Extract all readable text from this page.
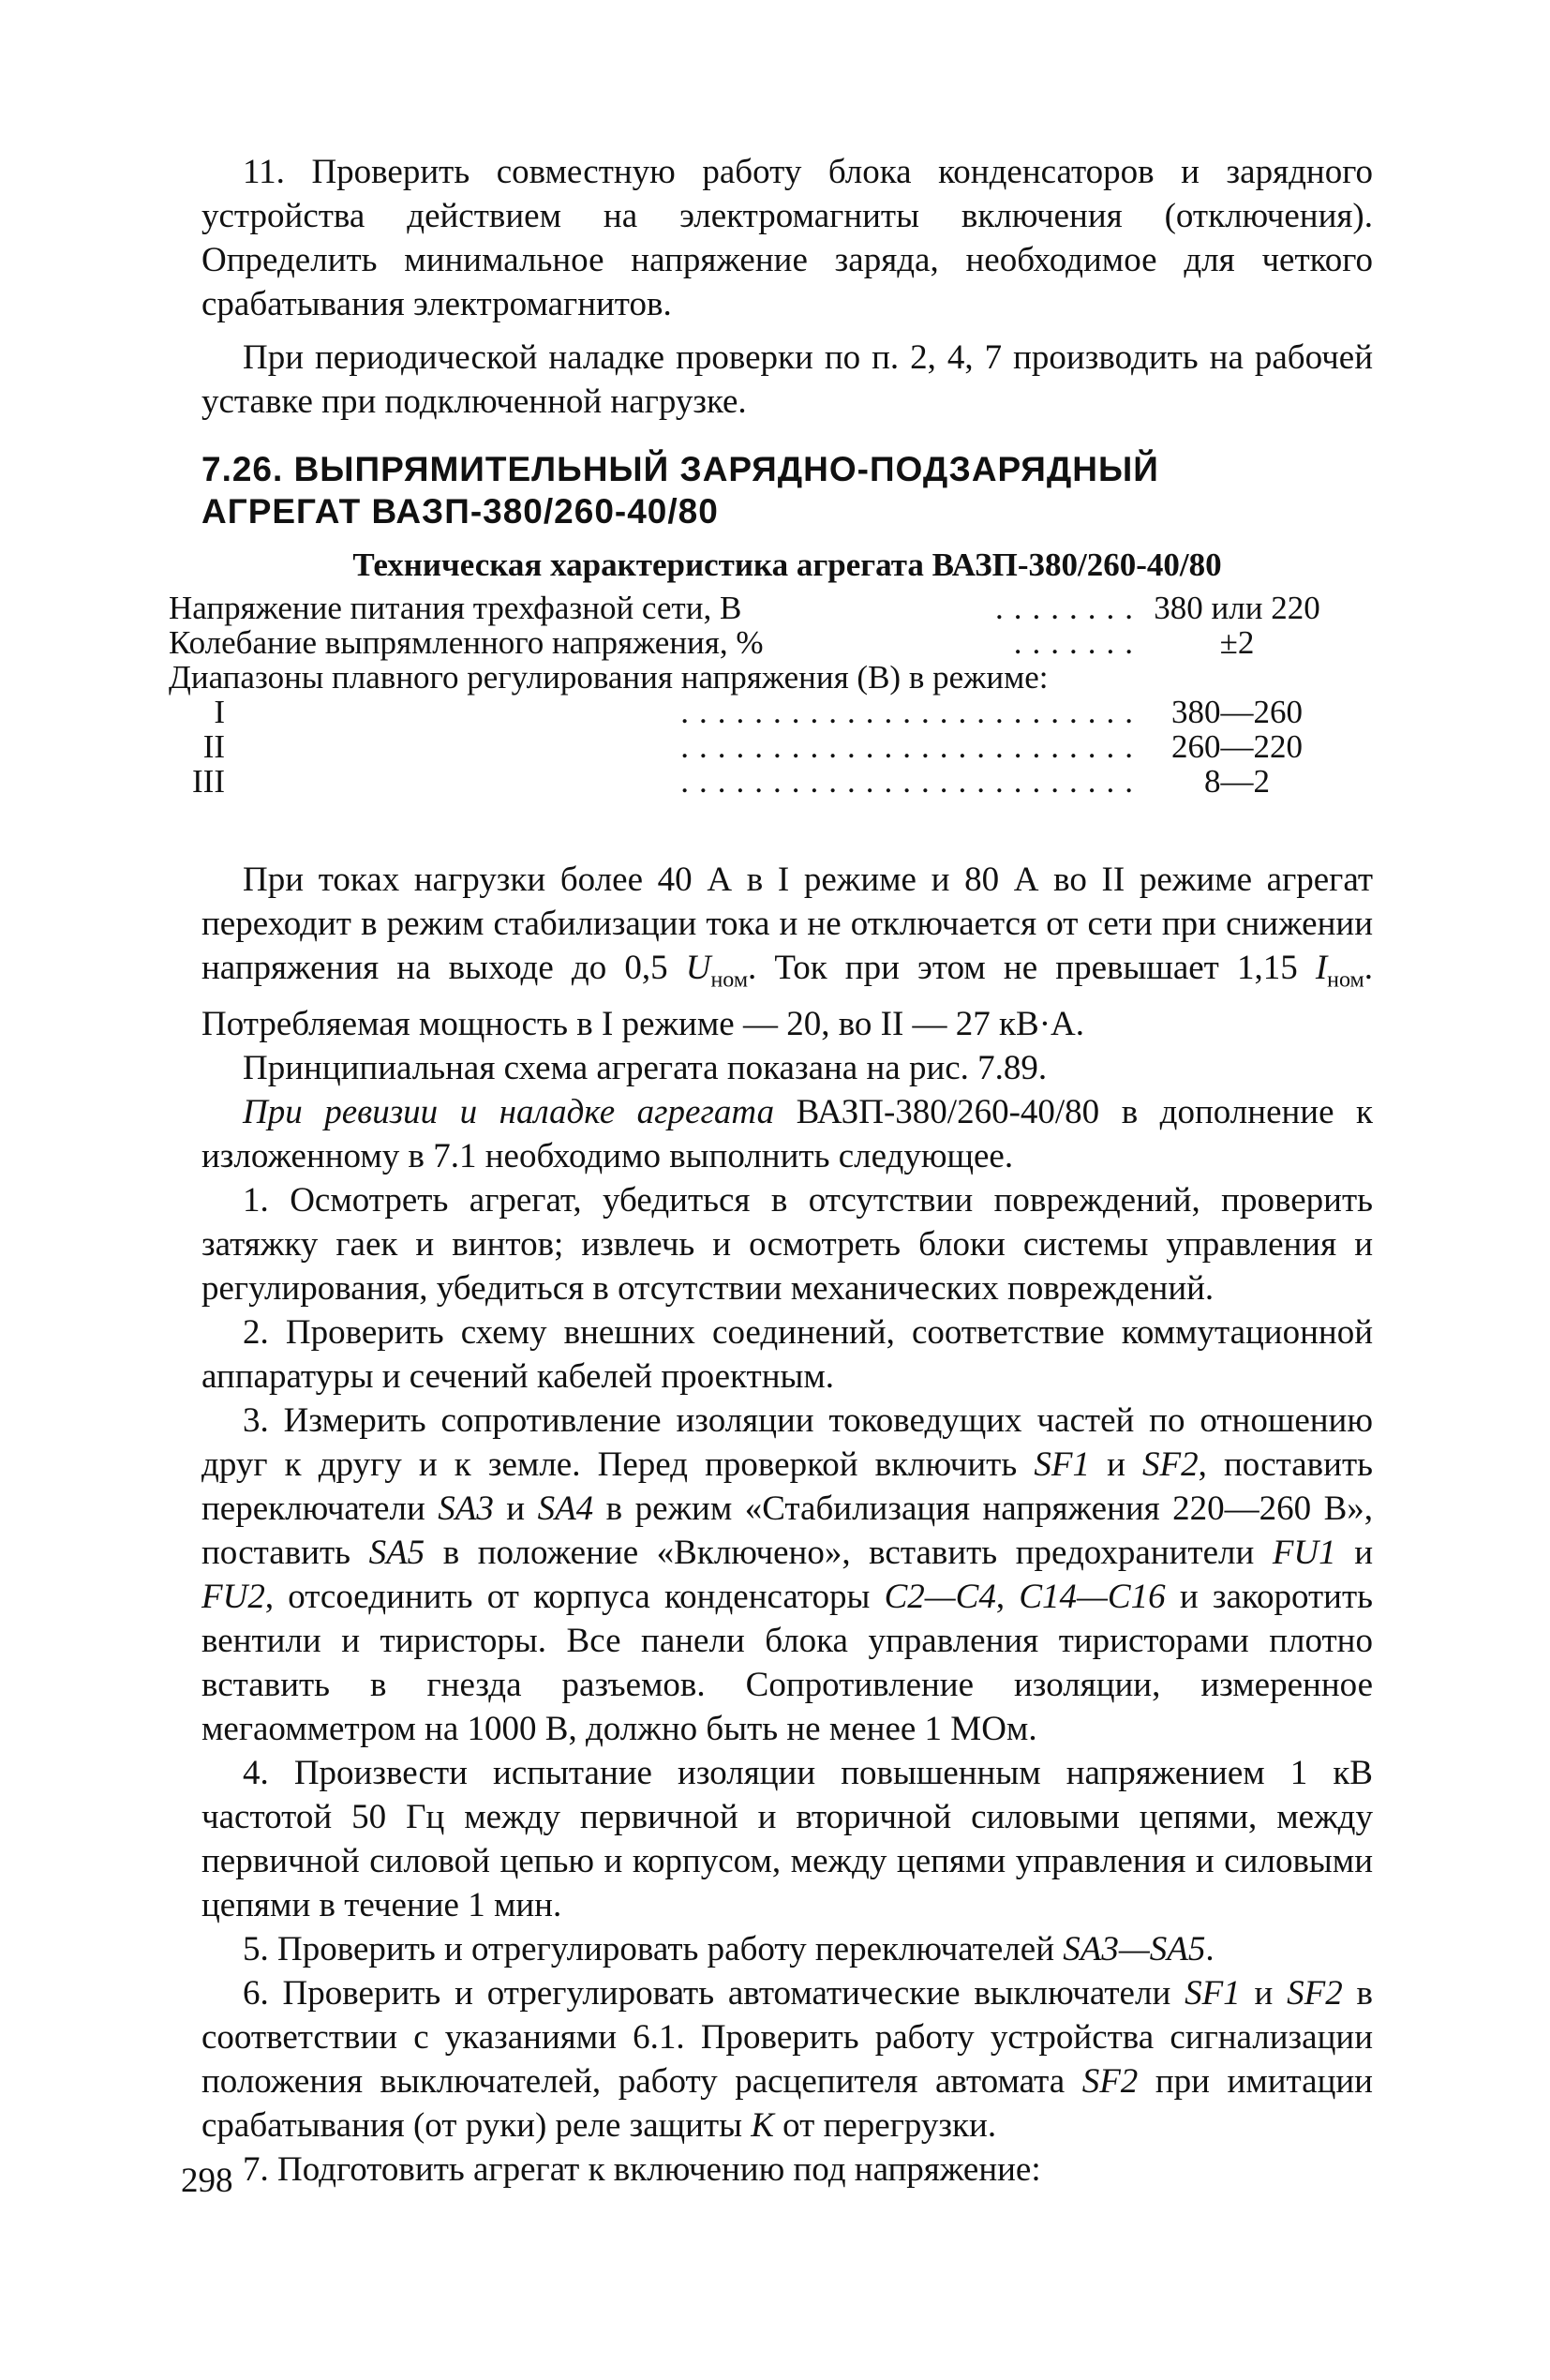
11. Проверить совместную работу блока конденсаторов и зарядного устройства действием на электромагниты включения (отключения). Определить минимальное напряжение заряда, необходимое для четкого срабатывания электромагнитов.

При периодической наладке проверки по п. 2, 4, 7 производить на рабочей уставке при подключенной нагрузке.

7.26. ВЫПРЯМИТЕЛЬНЫЙ ЗАРЯДНО-ПОДЗАРЯДНЫЙ
АГРЕГАТ ВАЗП-380/260-40/80
Техническая характеристика агрегата ВАЗП-380/260-40/80
Напряжение питания трехфазной сети, В	........ 380 или 220
Колебание выпрямленного напряжения, %	.......	±2
Диапазоны плавного регулирования напряжения (В) в режиме:
I	......................... 380—260
II	......................... 260—220
III	.........................	8—2

При токах нагрузки более 40 А в I режиме и 80 А во II режиме агрегат переходит в режим стабилизации тока и не отключается от сети при снижении напряжения на выходе до 0,5 $U_{ном}$. Ток при этом не превышает 1,15 $I_{ном}$. Потребляемая мощность в I режиме — 20, во II — 27 кВ·А.

Принципиальная схема агрегата показана на рис. 7.89.

При ревизии и наладке агрегата ВАЗП-380/260-40/80 в дополнение к изложенному в 7.1 необходимо выполнить следующее.

1. Осмотреть агрегат, убедиться в отсутствии повреждений, проверить затяжку гаек и винтов; извлечь и осмотреть блоки системы управления и регулирования, убедиться в отсутствии механических повреждений.

2. Проверить схему внешних соединений, соответствие коммутационной аппаратуры и сечений кабелей проектным.

3. Измерить сопротивление изоляции токоведущих частей по отношению друг к другу и к земле. Перед проверкой включить SF1 и SF2, поставить переключатели SA3 и SA4 в режим «Стабилизация напряжения 220—260 В», поставить SA5 в положение «Включено», вставить предохранители FU1 и FU2, отсоединить от корпуса конденсаторы C2—C4, C14—C16 и закоротить вентили и тиристоры. Все панели блока управления тиристорами плотно вставить в гнезда разъемов. Сопротивление изоляции, измеренное мегаомметром на 1000 В, должно быть не менее 1 МОм.

4. Произвести испытание изоляции повышенным напряжением 1 кВ частотой 50 Гц между первичной и вторичной силовыми цепями, между первичной силовой цепью и корпусом, между цепями управления и силовыми цепями в течение 1 мин.

5. Проверить и отрегулировать работу переключателей SA3—SA5.

6. Проверить и отрегулировать автоматические выключатели SF1 и SF2 в соответствии с указаниями 6.1. Проверить работу устройства сигнализации положения выключателей, работу расцепителя автомата SF2 при имитации срабатывания (от руки) реле защиты K от перегрузки.

7. Подготовить агрегат к включению под напряжение:

298
